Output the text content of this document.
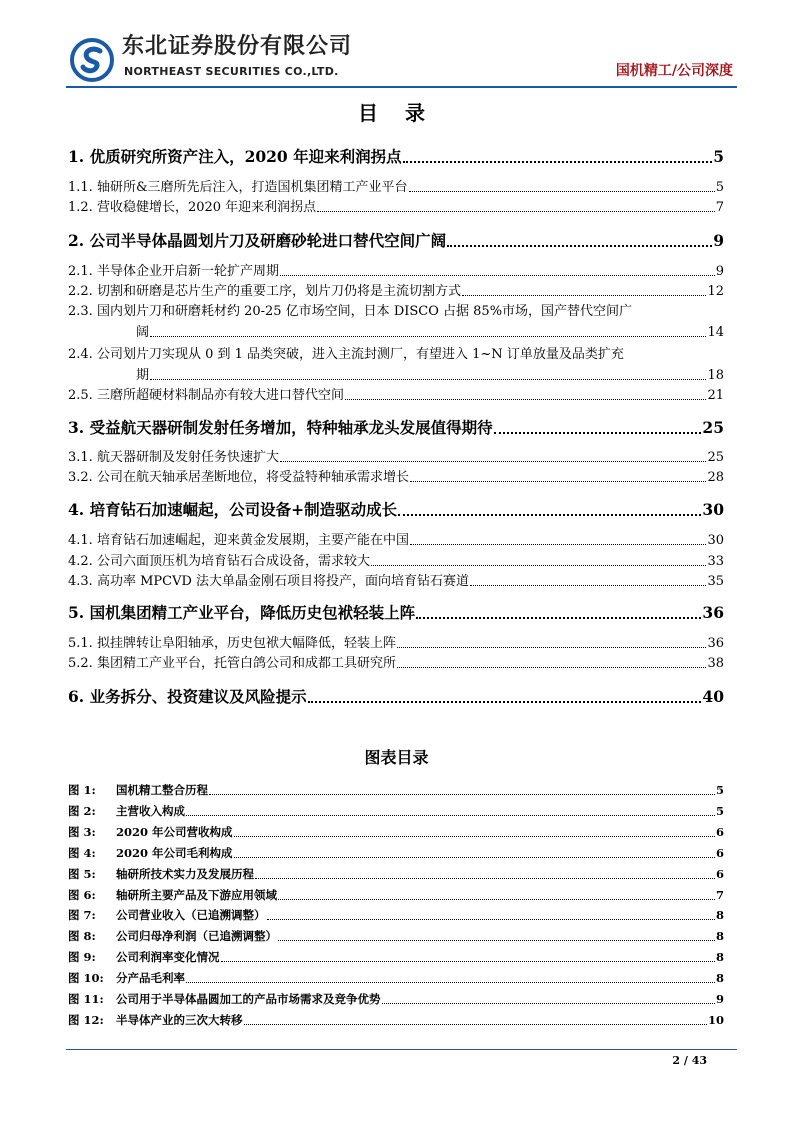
东北证券股份有限公司
NORTHEAST SECURITIES CO.,LTD.	国机精工/公司深度
目 录
1. 优质研究所资产注入，2020 年迎来利润拐点	5
1.1. 轴研所&三磨所先后注入，打造国机集团精工产业平台	5
1.2. 营收稳健增长，2020 年迎来利润拐点	7
2. 公司半导体晶圆划片刀及研磨砂轮进口替代空间广阔	9
2.1. 半导体企业开启新一轮扩产周期	9
2.2. 切割和研磨是芯片生产的重要工序，划片刀仍将是主流切割方式	12
2.3. 国内划片刀和研磨耗材约 20-25 亿市场空间，日本 DISCO 占据 85%市场，国产替代空间广
阔	14
2.4. 公司划片刀实现从 0 到 1 品类突破，进入主流封测厂，有望进入 1~N 订单放量及品类扩充
期	18
2.5. 三磨所超硬材料制品亦有较大进口替代空间	21
3. 受益航天器研制发射任务增加，特种轴承龙头发展值得期待	25
3.1. 航天器研制及发射任务快速扩大	25
3.2. 公司在航天轴承居垄断地位，将受益特种轴承需求增长	28
4. 培育钻石加速崛起，公司设备+制造驱动成长	30
4.1. 培育钻石加速崛起，迎来黄金发展期，主要产能在中国	30
4.2. 公司六面顶压机为培育钻石合成设备，需求较大	33
4.3. 高功率 MPCVD 法大单晶金刚石项目将投产，面向培育钻石赛道	35
5. 国机集团精工产业平台，降低历史包袱轻装上阵	36
5.1. 拟挂牌转让阜阳轴承，历史包袱大幅降低，轻装上阵	36
5.2. 集团精工产业平台，托管白鸽公司和成都工具研究所	38
6. 业务拆分、投资建议及风险提示	40
图表目录
图 1:	国机精工整合历程	5
图 2:	主营收入构成	5
图 3:	2020 年公司营收构成	6
图 4:	2020 年公司毛利构成	6
图 5:	轴研所技术实力及发展历程	6
图 6:	轴研所主要产品及下游应用领域	7
图 7:	公司营业收入（已追溯调整）	8
图 8:	公司归母净利润（已追溯调整）	8
图 9:	公司利润率变化情况	8
图 10:	分产品毛利率	8
图 11:	公司用于半导体晶圆加工的产品市场需求及竞争优势	9
图 12:	半导体产业的三次大转移	10
2 / 43
